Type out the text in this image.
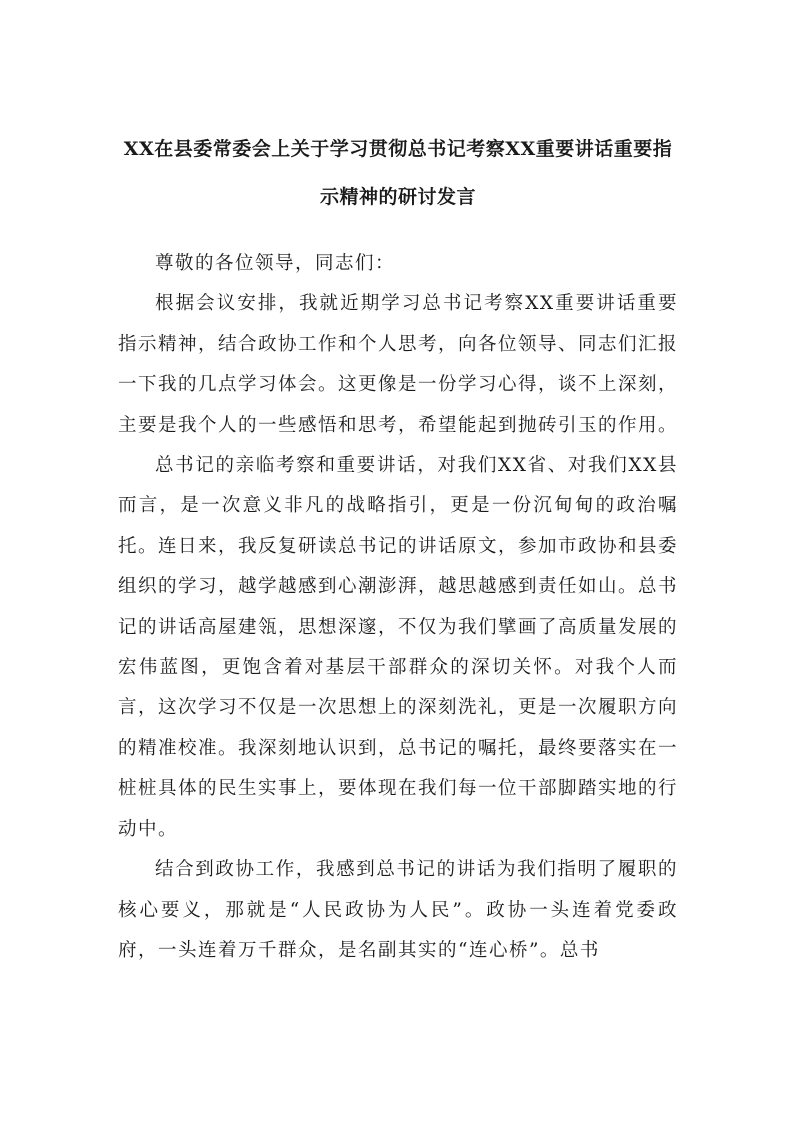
XX在县委常委会上关于学习贯彻总书记考察XX重要讲话重要指示精神的研讨发言

尊敬的各位领导，同志们：

根据会议安排，我就近期学习总书记考察XX重要讲话重要指示精神，结合政协工作和个人思考，向各位领导、同志们汇报一下我的几点学习体会。这更像是一份学习心得，谈不上深刻，主要是我个人的一些感悟和思考，希望能起到抛砖引玉的作用。

总书记的亲临考察和重要讲话，对我们XX省、对我们XX县而言，是一次意义非凡的战略指引，更是一份沉甸甸的政治嘱托。连日来，我反复研读总书记的讲话原文，参加市政协和县委组织的学习，越学越感到心潮澎湃，越思越感到责任如山。总书记的讲话高屋建瓴，思想深邃，不仅为我们擘画了高质量发展的宏伟蓝图，更饱含着对基层干部群众的深切关怀。对我个人而言，这次学习不仅是一次思想上的深刻洗礼，更是一次履职方向的精准校准。我深刻地认识到，总书记的嘱托，最终要落实在一桩桩具体的民生实事上，要体现在我们每一位干部脚踏实地的行动中。

结合到政协工作，我感到总书记的讲话为我们指明了履职的核心要义，那就是“人民政协为人民”。政协一头连着党委政府，一头连着万千群众，是名副其实的“连心桥”。总书
